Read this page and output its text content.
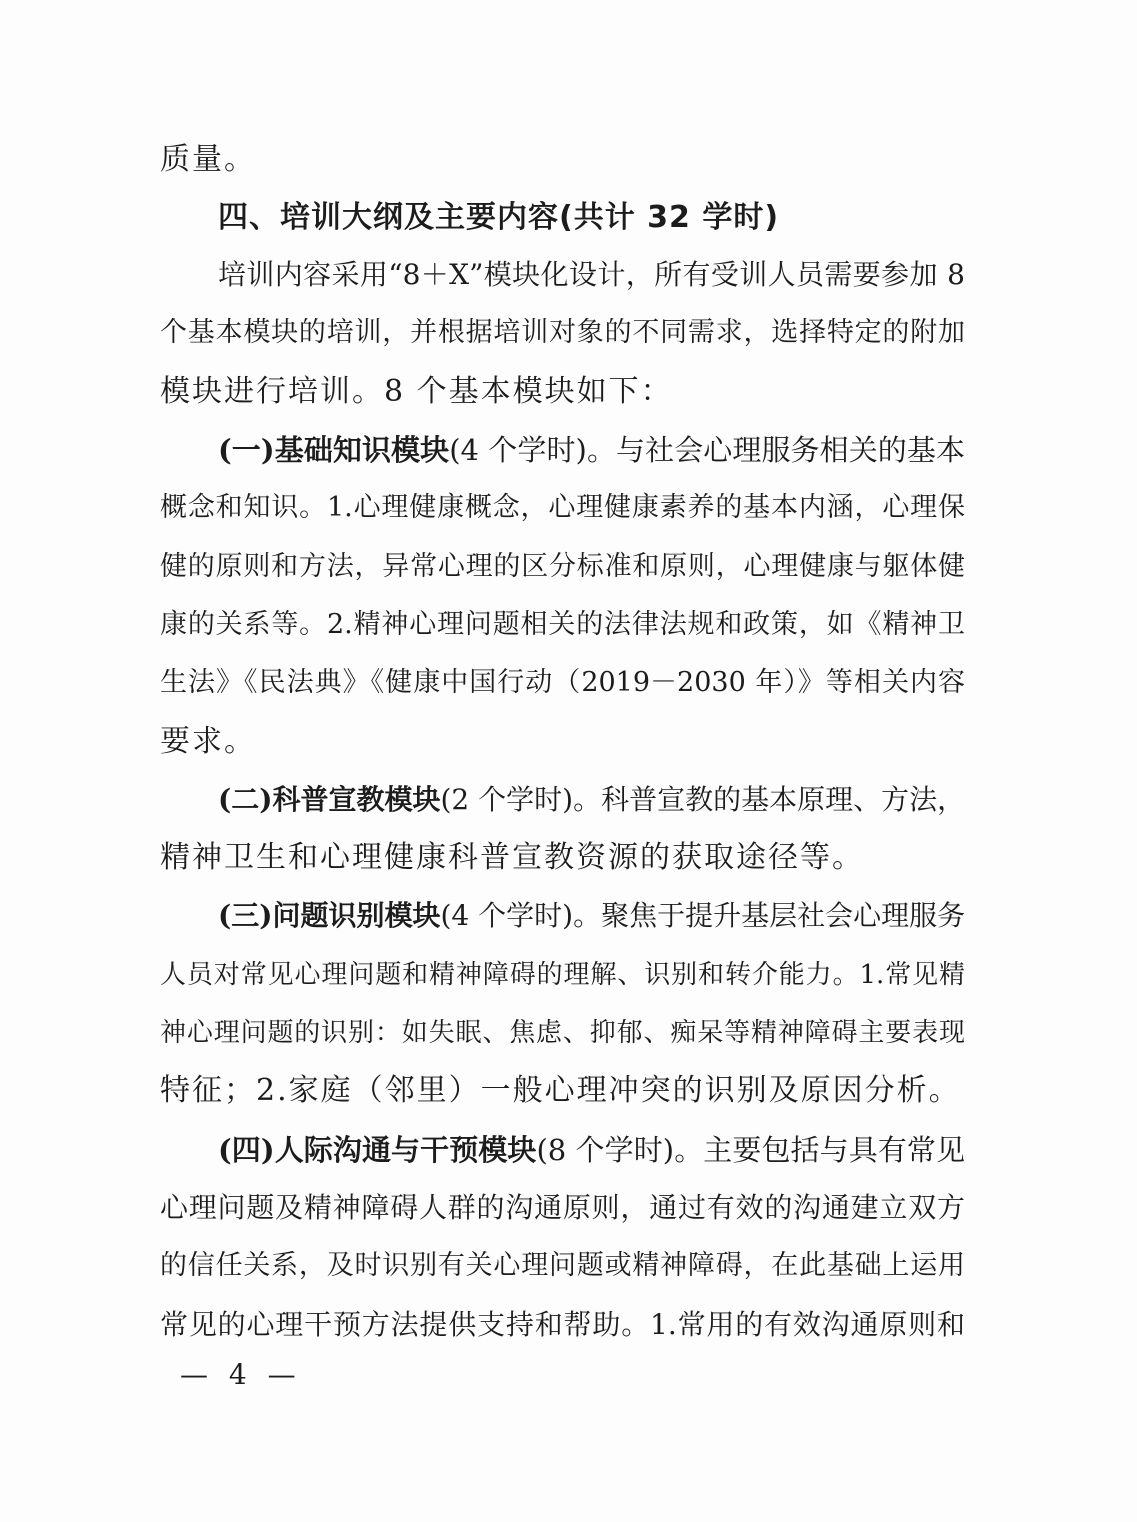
质量。
四、培训大纲及主要内容(共计 32 学时)
培训内容采用“8＋X”模块化设计，所有受训人员需要参加 8
个基本模块的培训，并根据培训对象的不同需求，选择特定的附加
模块进行培训。8 个基本模块如下：
(一)基础知识模块(4 个学时)。与社会心理服务相关的基本
概念和知识。1.心理健康概念，心理健康素养的基本内涵，心理保
健的原则和方法，异常心理的区分标准和原则，心理健康与躯体健
康的关系等。2.精神心理问题相关的法律法规和政策，如《精神卫
生法》《民法典》《健康中国行动（2019－2030 年）》等相关内容
要求。
(二)科普宣教模块(2 个学时)。科普宣教的基本原理、方法，
精神卫生和心理健康科普宣教资源的获取途径等。
(三)问题识别模块(4 个学时)。聚焦于提升基层社会心理服务
人员对常见心理问题和精神障碍的理解、识别和转介能力。1.常见精
神心理问题的识别：如失眠、焦虑、抑郁、痴呆等精神障碍主要表现
特征；2.家庭（邻里）一般心理冲突的识别及原因分析。
(四)人际沟通与干预模块(8 个学时)。主要包括与具有常见
心理问题及精神障碍人群的沟通原则，通过有效的沟通建立双方
的信任关系，及时识别有关心理问题或精神障碍，在此基础上运用
常见的心理干预方法提供支持和帮助。1.常用的有效沟通原则和
— 4 —
